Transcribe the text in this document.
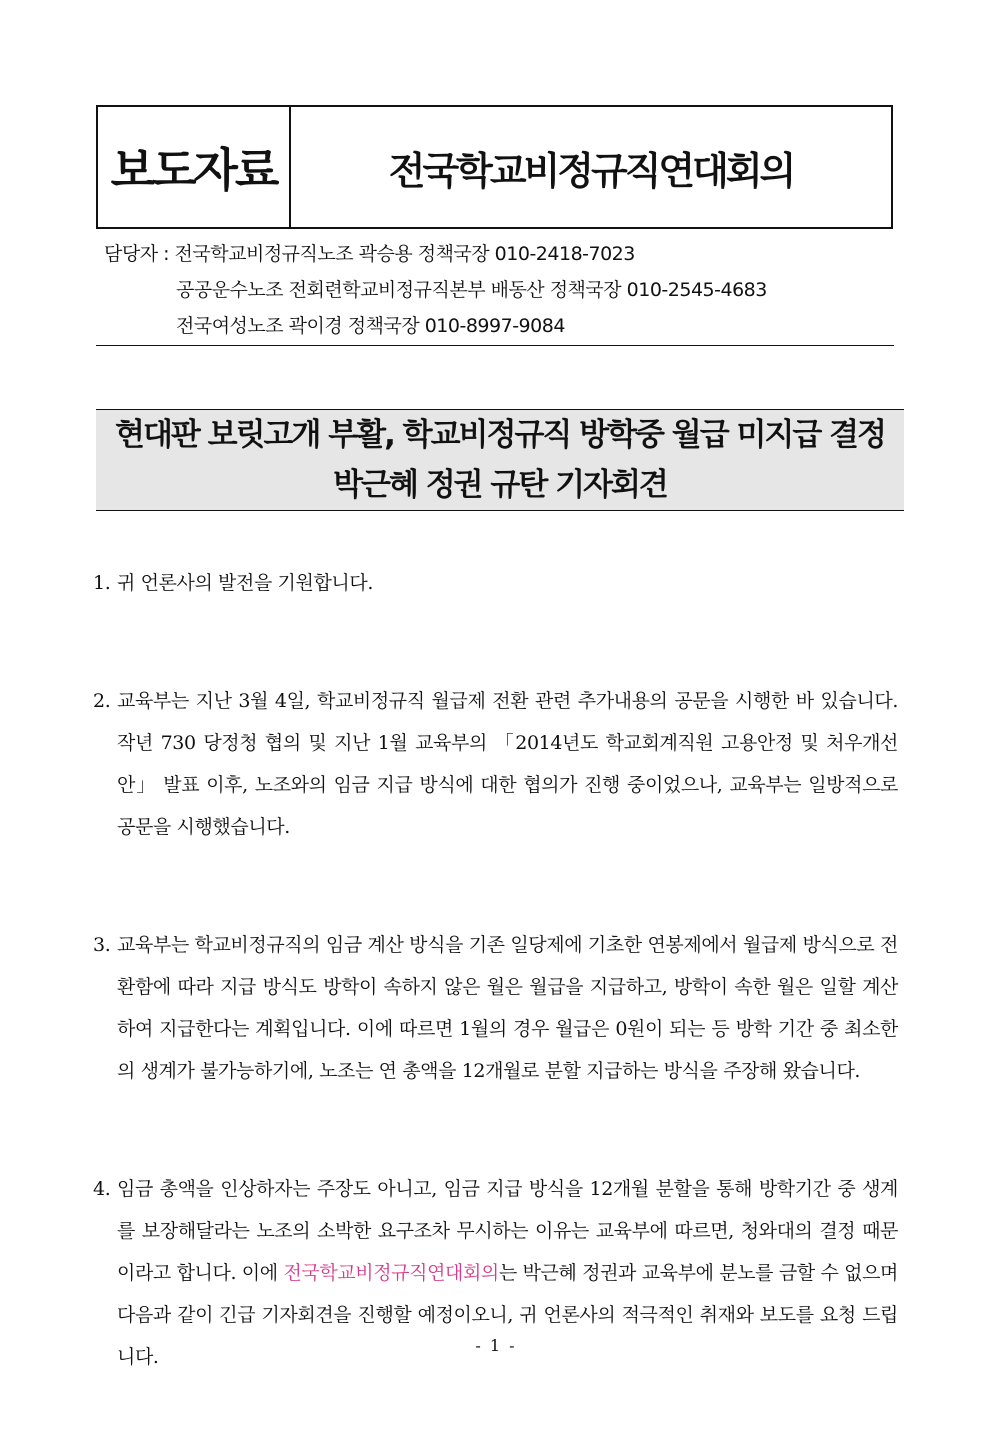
보도자료	전국학교비정규직연대회의
담당자 : 전국학교비정규직노조 곽승용 정책국장 010-2418-7023
공공운수노조 전회련학교비정규직본부 배동산 정책국장 010-2545-4683
전국여성노조 곽이경 정책국장 010-8997-9084
현대판 보릿고개 부활, 학교비정규직 방학중 월급 미지급 결정
박근혜 정권 규탄 기자회견
1. 귀 언론사의 발전을 기원합니다.
2. 교육부는 지난 3월 4일, 학교비정규직 월급제 전환 관련 추가내용의 공문을 시행한 바 있습니다. 작년 730 당정청 협의 및 지난 1월 교육부의 「2014년도 학교회계직원 고용안정 및 처우개선안」 발표 이후, 노조와의 임금 지급 방식에 대한 협의가 진행 중이었으나, 교육부는 일방적으로 공문을 시행했습니다.
3. 교육부는 학교비정규직의 임금 계산 방식을 기존 일당제에 기초한 연봉제에서 월급제 방식으로 전환함에 따라 지급 방식도 방학이 속하지 않은 월은 월급을 지급하고, 방학이 속한 월은 일할 계산하여 지급한다는 계획입니다. 이에 따르면 1월의 경우 월급은 0원이 되는 등 방학 기간 중 최소한의 생계가 불가능하기에, 노조는 연 총액을 12개월로 분할 지급하는 방식을 주장해 왔습니다.
4. 임금 총액을 인상하자는 주장도 아니고, 임금 지급 방식을 12개월 분할을 통해 방학기간 중 생계를 보장해달라는 노조의 소박한 요구조차 무시하는 이유는 교육부에 따르면, 청와대의 결정 때문이라고 합니다. 이에 전국학교비정규직연대회의는 박근혜 정권과 교육부에 분노를 금할 수 없으며 다음과 같이 긴급 기자회견을 진행할 예정이오니, 귀 언론사의 적극적인 취재와 보도를 요청 드립니다.
- 1 -
